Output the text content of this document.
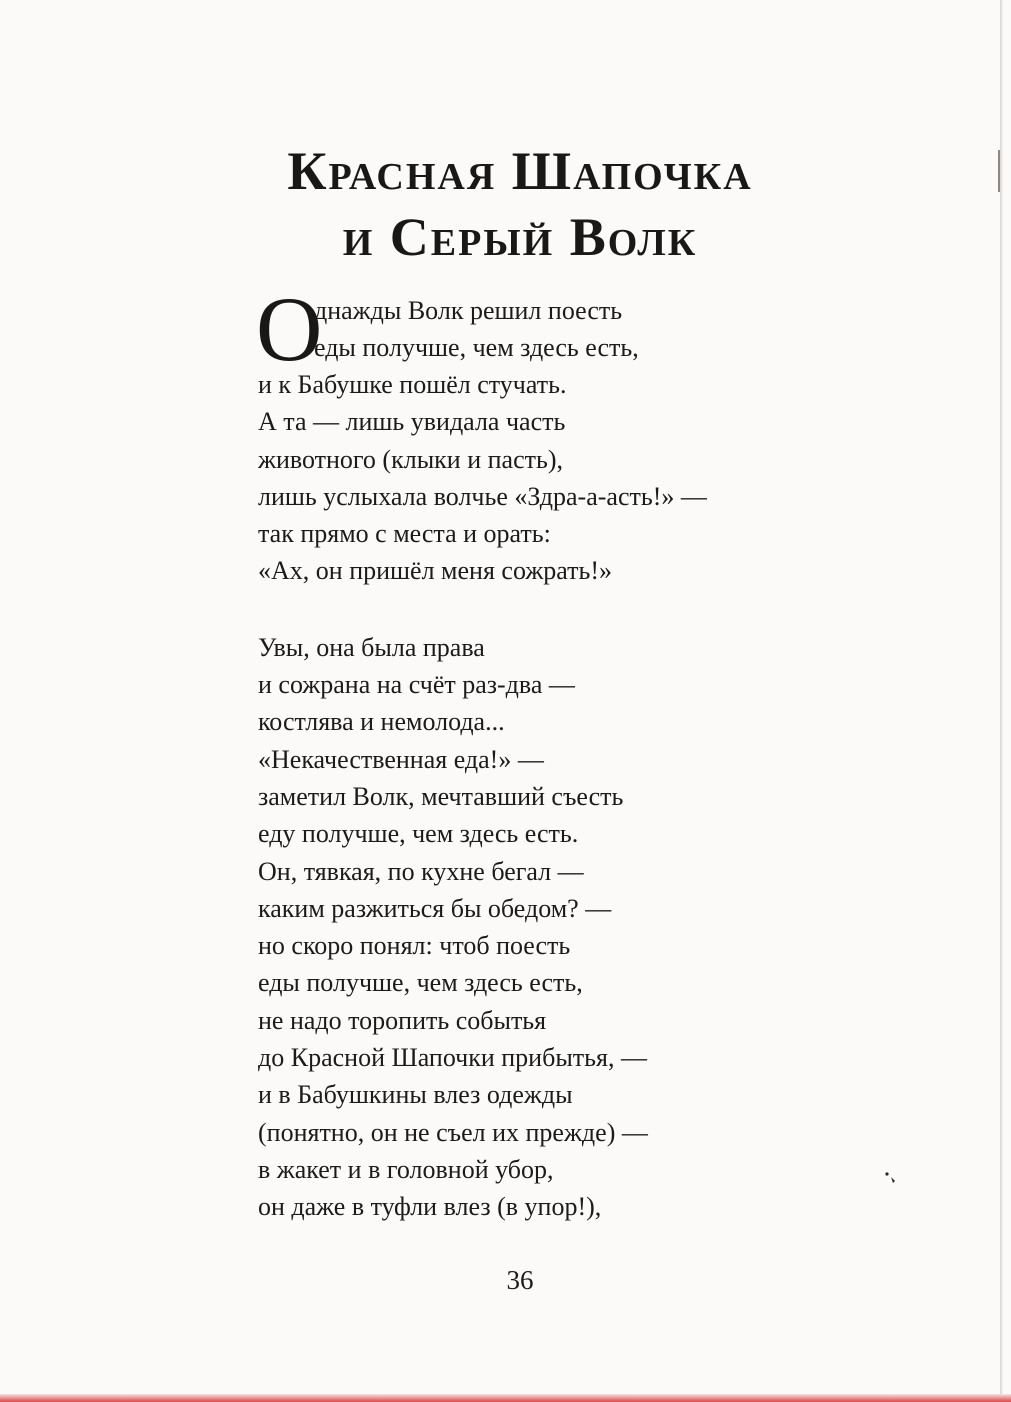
Красная Шапочка
и Серый Волк
О
днажды Волк решил поесть
еды получше, чем здесь есть,
и к Бабушке пошёл стучать.
А та — лишь увидала часть
животного (клыки и пасть),
лишь услыхала волчье «Здра-а-асть!» —
так прямо с места и орать:
«Ах, он пришёл меня сожрать!»
Увы, она была права
и сожрана на счёт раз-два —
костлява и немолода...
«Некачественная еда!» —
заметил Волк, мечтавший съесть
еду получше, чем здесь есть.
Он, тявкая, по кухне бегал —
каким разжиться бы обедом? —
но скоро понял: чтоб поесть
еды получше, чем здесь есть,
не надо торопить событья
до Красной Шапочки прибытья, —
и в Бабушкины влез одежды
(понятно, он не съел их прежде) —
в жакет и в головной убор,
он даже в туфли влез (в упор!),
36
